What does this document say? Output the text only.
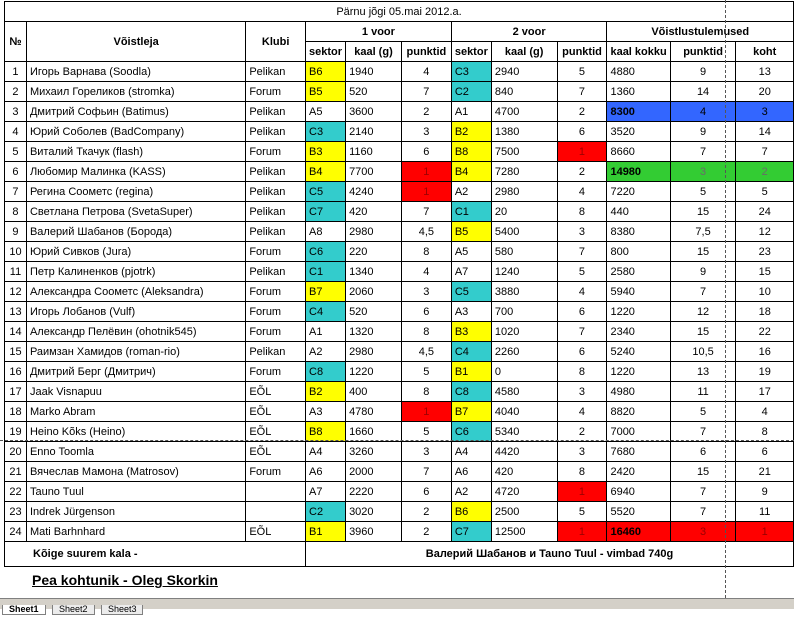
Pärnu jõgi 05.mai 2012.a.											
№	Võistleja	Klubi	1 voor			2 voor			Võistlustulemused		
			sektor	kaal (g)	punktid	sektor	kaal (g)	punktid	kaal kokku	punktid	koht
1	Игорь Варнава (Soodla)	Pelikan	B6	1940	4	C3	2940	5	4880	9	13
2	Михаил Гореликов (stromka)	Forum	B5	520	7	C2	840	7	1360	14	20
3	Дмитрий Софьин (Batimus)	Pelikan	A5	3600	2	A1	4700	2	8300	4	3
4	Юрий Соболев (BadCompany)	Pelikan	C3	2140	3	B2	1380	6	3520	9	14
5	Виталий Ткачук (flash)	Forum	B3	1160	6	B8	7500	1	8660	7	7
6	Любомир Малинка (KASS)	Pelikan	B4	7700	1	B4	7280	2	14980	3	2
7	Регина Соометс (regina)	Pelikan	C5	4240	1	A2	2980	4	7220	5	5
8	Светлана Петрова (SvetaSuper)	Pelikan	C7	420	7	C1	20	8	440	15	24
9	Валерий Шабанов (Борода)	Pelikan	A8	2980	4,5	B5	5400	3	8380	7,5	12
10	Юрий Сивков (Jura)	Forum	C6	220	8	A5	580	7	800	15	23
11	Петр Калиненков (pjotrk)	Pelikan	C1	1340	4	A7	1240	5	2580	9	15
12	Александра Соометс (Aleksandra)	Forum	B7	2060	3	C5	3880	4	5940	7	10
13	Игорь Лобанов (Vulf)	Forum	C4	520	6	A3	700	6	1220	12	18
14	Александр Пелёвин (ohotnik545)	Forum	A1	1320	8	B3	1020	7	2340	15	22
15	Раимзан Хамидов (roman-rio)	Pelikan	A2	2980	4,5	C4	2260	6	5240	10,5	16
16	Дмитрий Берг (Дмитрич)	Forum	C8	1220	5	B1	0	8	1220	13	19
17	Jaak Visnapuu	EÕL	B2	400	8	C8	4580	3	4980	11	17
18	Marko Abram	EÕL	A3	4780	1	B7	4040	4	8820	5	4
19	Heino Kõks (Heino)	EÕL	B8	1660	5	C6	5340	2	7000	7	8
20	Enno Toomla	EÕL	A4	3260	3	A4	4420	3	7680	6	6
21	Вячеслав Мамона (Matrosov)	Forum	A6	2000	7	A6	420	8	2420	15	21
22	Tauno Tuul		A7	2220	6	A2	4720	1	6940	7	9
23	Indrek Jürgenson		C2	3020	2	B6	2500	5	5520	7	11
24	Mati Barhnhard	EÕL	B1	3960	2	C7	12500	1	16460	3	1
Kõige suurem kala -			Валерий Шабанов и Tauno Tuul - vimbad 740g								
Pea kohtunik - Oleg Skorkin
Sheet1 Sheet2 Sheet3
